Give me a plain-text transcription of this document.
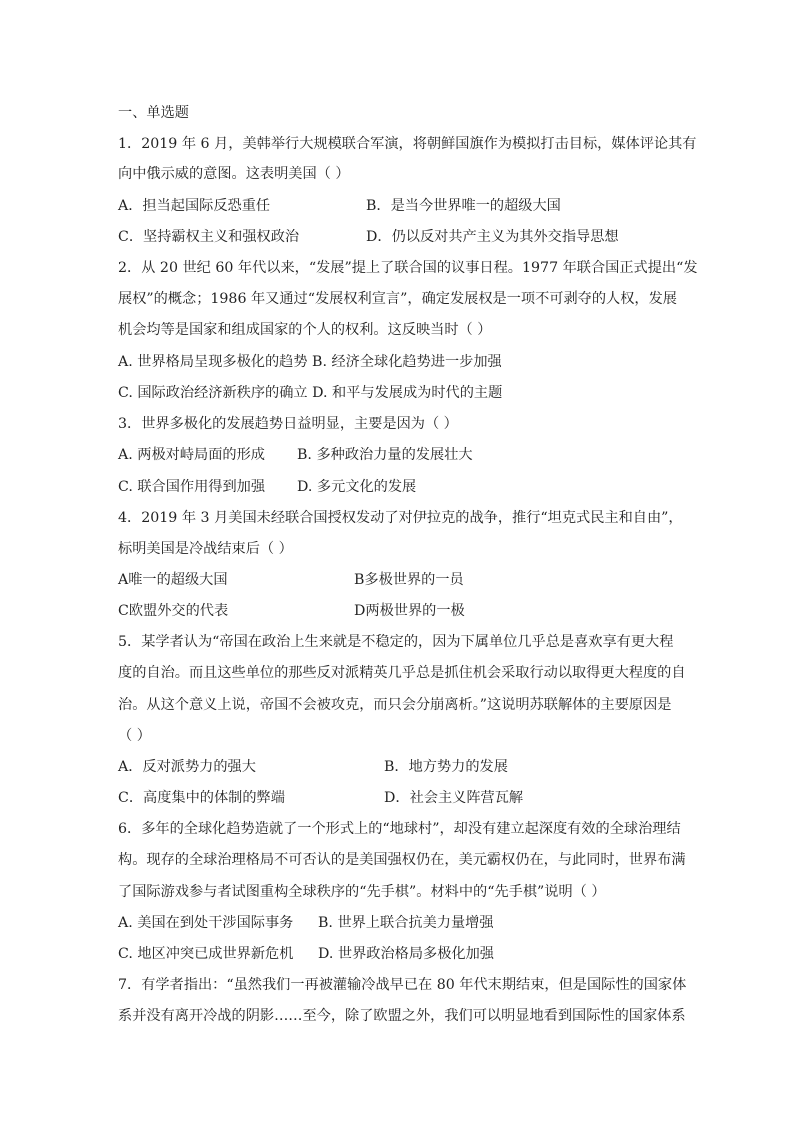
一、单选题
1．2019 年 6 月，美韩举行大规模联合军演，将朝鲜国旗作为模拟打击目标，媒体评论其有
向中俄示威的意图。这表明美国（ ）
A．担当起国际反恐重任	B．是当今世界唯一的超级大国
C．坚持霸权主义和强权政治	D．仍以反对共产主义为其外交指导思想
2．从 20 世纪 60 年代以来，“发展”提上了联合国的议事日程。1977 年联合国正式提出“发
展权”的概念；1986 年又通过“发展权利宣言”，确定发展权是一项不可剥夺的人权，发展
机会均等是国家和组成国家的个人的权利。这反映当时（ ）
A. 世界格局呈现多极化的趋势 B. 经济全球化趋势进一步加强
C. 国际政治经济新秩序的确立 D. 和平与发展成为时代的主题
3．世界多极化的发展趋势日益明显，主要是因为（ ）
A. 两极对峙局面的形成 B. 多种政治力量的发展壮大
C. 联合国作用得到加强 D. 多元文化的发展
4．2019 年 3 月美国未经联合国授权发动了对伊拉克的战争，推行“坦克式民主和自由”，
标明美国是冷战结束后（ ）
A唯一的超级大国	B多极世界的一员
C欧盟外交的代表	D两极世界的一极
5．某学者认为“帝国在政治上生来就是不稳定的，因为下属单位几乎总是喜欢享有更大程
度的自治。而且这些单位的那些反对派精英几乎总是抓住机会采取行动以取得更大程度的自
治。从这个意义上说，帝国不会被攻克，而只会分崩离析。”这说明苏联解体的主要原因是
（ ）
A．反对派势力的强大	B．地方势力的发展
C．高度集中的体制的弊端	D．社会主义阵营瓦解
6．多年的全球化趋势造就了一个形式上的“地球村”，却没有建立起深度有效的全球治理结
构。现存的全球治理格局不可否认的是美国强权仍在，美元霸权仍在，与此同时，世界布满
了国际游戏参与者试图重构全球秩序的“先手棋”。材料中的“先手棋”说明（ ）
A. 美国在到处干涉国际事务 B. 世界上联合抗美力量增强
C. 地区冲突已成世界新危机 D. 世界政治格局多极化加强
7．有学者指出：“虽然我们一再被灌输冷战早已在 80 年代末期结束，但是国际性的国家体
系并没有离开冷战的阴影……至今，除了欧盟之外，我们可以明显地看到国际性的国家体系
